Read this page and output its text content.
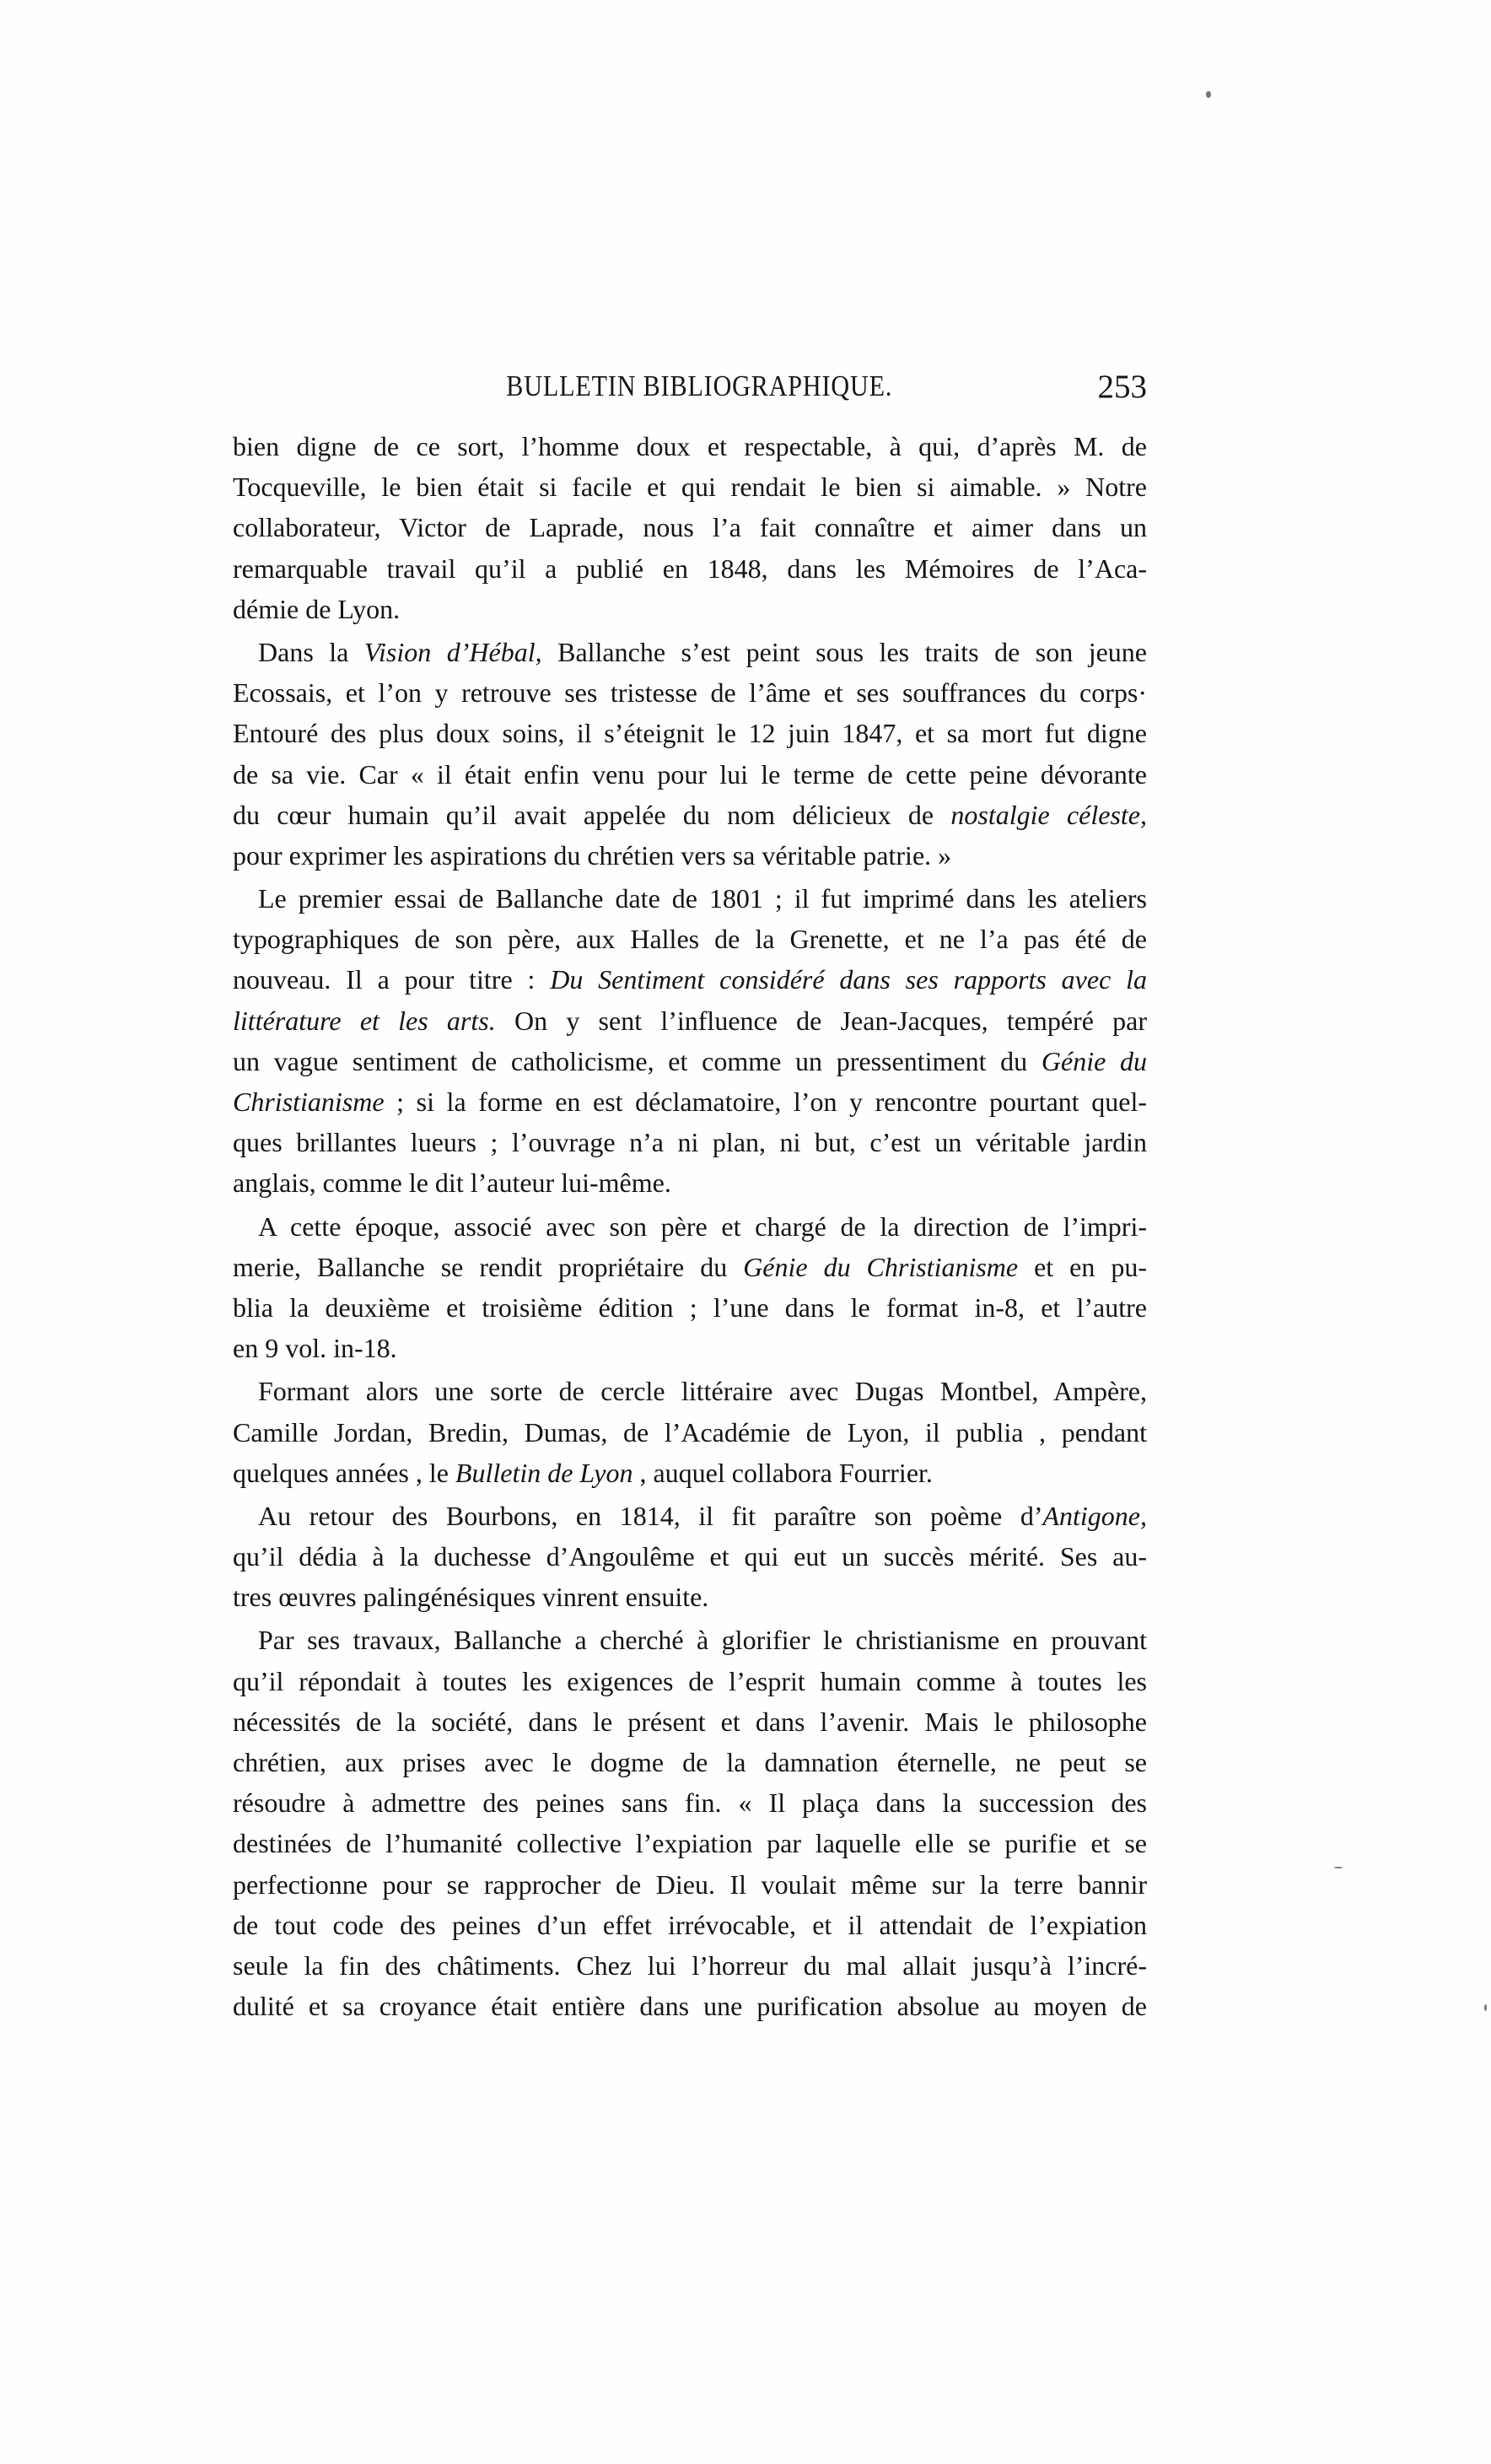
BULLETIN BIBLIOGRAPHIQUE.	253
bien digne de ce sort, l’homme doux et respectable, à qui, d’après M. de
Tocqueville, le bien était si facile et qui rendait le bien si aimable. » Notre
collaborateur, Victor de Laprade, nous l’a fait connaître et aimer dans un
remarquable travail qu’il a publié en 1848, dans les Mémoires de l’Aca-
démie de Lyon.
Dans la Vision d’Hébal, Ballanche s’est peint sous les traits de son jeune
Ecossais, et l’on y retrouve ses tristesse de l’âme et ses souffrances du corps·
Entouré des plus doux soins, il s’éteignit le 12 juin 1847, et sa mort fut digne
de sa vie. Car « il était enfin venu pour lui le terme de cette peine dévorante
du cœur humain qu’il avait appelée du nom délicieux de nostalgie céleste,
pour exprimer les aspirations du chrétien vers sa véritable patrie. »
Le premier essai de Ballanche date de 1801 ; il fut imprimé dans les ateliers
typographiques de son père, aux Halles de la Grenette, et ne l’a pas été de
nouveau. Il a pour titre : Du Sentiment considéré dans ses rapports avec la
littérature et les arts. On y sent l’influence de Jean-Jacques, tempéré par
un vague sentiment de catholicisme, et comme un pressentiment du Génie du
Christianisme ; si la forme en est déclamatoire, l’on y rencontre pourtant quel-
ques brillantes lueurs ; l’ouvrage n’a ni plan, ni but, c’est un véritable jardin
anglais, comme le dit l’auteur lui-même.
A cette époque, associé avec son père et chargé de la direction de l’impri-
merie, Ballanche se rendit propriétaire du Génie du Christianisme et en pu-
blia la deuxième et troisième édition ; l’une dans le format in-8, et l’autre
en 9 vol. in-18.
Formant alors une sorte de cercle littéraire avec Dugas Montbel, Ampère,
Camille Jordan, Bredin, Dumas, de l’Académie de Lyon, il publia , pendant
quelques années , le Bulletin de Lyon , auquel collabora Fourrier.
Au retour des Bourbons, en 1814, il fit paraître son poème d’Antigone,
qu’il dédia à la duchesse d’Angoulême et qui eut un succès mérité. Ses au-
tres œuvres palingénésiques vinrent ensuite.
Par ses travaux, Ballanche a cherché à glorifier le christianisme en prouvant
qu’il répondait à toutes les exigences de l’esprit humain comme à toutes les
nécessités de la société, dans le présent et dans l’avenir. Mais le philosophe
chrétien, aux prises avec le dogme de la damnation éternelle, ne peut se
résoudre à admettre des peines sans fin. « Il plaça dans la succession des
destinées de l’humanité collective l’expiation par laquelle elle se purifie et se
perfectionne pour se rapprocher de Dieu. Il voulait même sur la terre bannir
de tout code des peines d’un effet irrévocable, et il attendait de l’expiation
seule la fin des châtiments. Chez lui l’horreur du mal allait jusqu’à l’incré-
dulité et sa croyance était entière dans une purification absolue au moyen de
